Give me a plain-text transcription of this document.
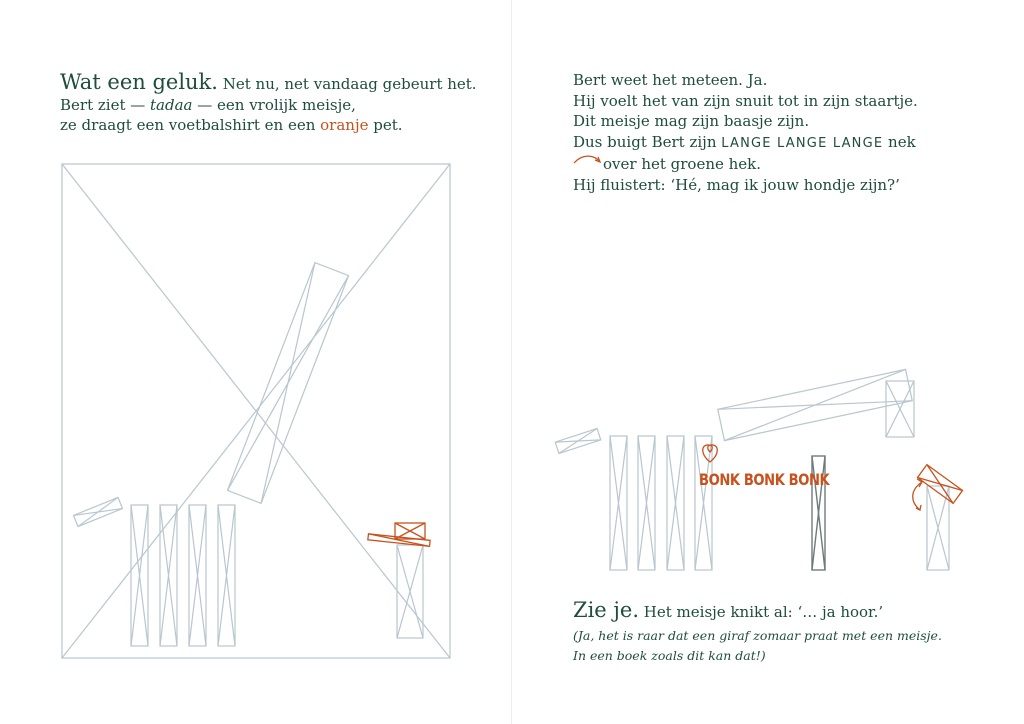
Wat een geluk. Net nu, net vandaag gebeurt het.
Bert ziet — tadaa — een vrolijk meisje,
ze draagt een voetbalshirt en een oranje pet.
Bert weet het meteen. Ja.
Hij voelt het van zijn snuit tot in zijn staartje.
Dit meisje mag zijn baasje zijn.
Dus buigt Bert zijn LANGE LANGE LANGE nek
over het groene hek.
Hij fluistert: ‘Hé, mag ik jouw hondje zijn?’
BONK BONK BONK
Zie je. Het meisje knikt al: ‘… ja hoor.’
(Ja, het is raar dat een giraf zomaar praat met een meisje.
In een boek zoals dit kan dat!)
